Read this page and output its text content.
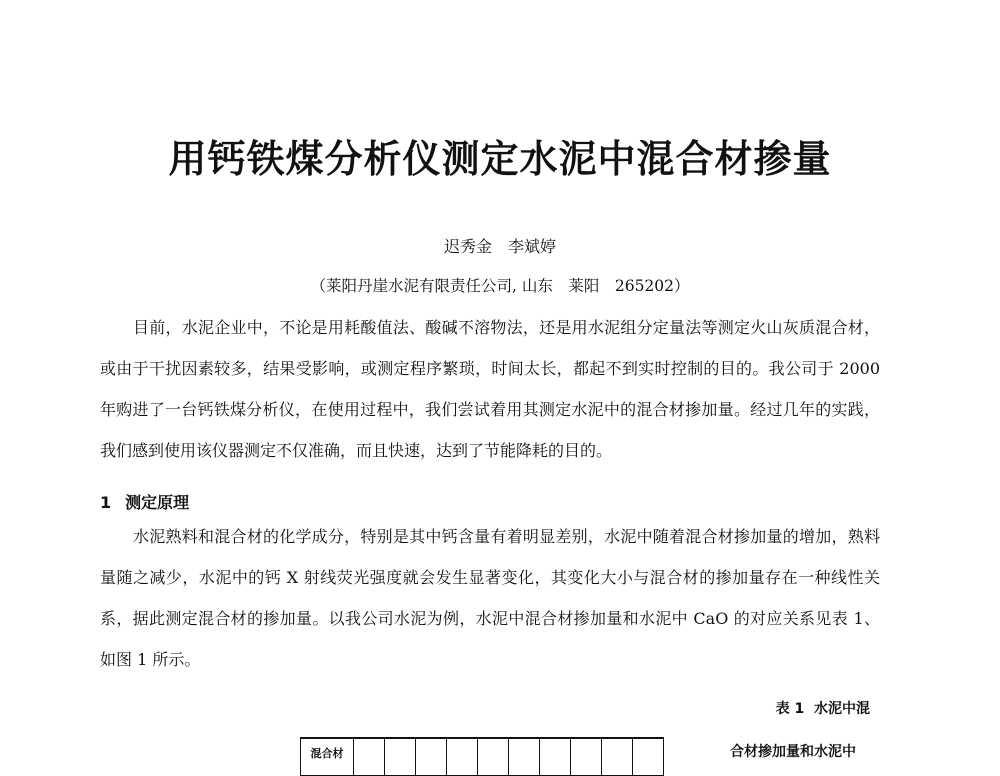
用钙铁煤分析仪测定水泥中混合材掺量
迟秀金　李斌婷
（莱阳丹崖水泥有限责任公司, 山东　莱阳　265202）

目前，水泥企业中，不论是用耗酸值法、酸碱不溶物法，还是用水泥组分定量法等测定火山灰质混合材，或由于干扰因素较多，结果受影响，或测定程序繁琐，时间太长，都起不到实时控制的目的。我公司于 2000 年购进了一台钙铁煤分析仪，在使用过程中，我们尝试着用其测定水泥中的混合材掺加量。经过几年的实践，我们感到使用该仪器测定不仅准确，而且快速，达到了节能降耗的目的。

1 测定原理

水泥熟料和混合材的化学成分，特别是其中钙含量有着明显差别，水泥中随着混合材掺加量的增加，熟料量随之减少，水泥中的钙 X 射线荧光强度就会发生显著变化，其变化大小与混合材的掺加量存在一种线性关系，据此测定混合材的掺加量。以我公司水泥为例，水泥中混合材掺加量和水泥中 CaO 的对应关系见表 1、如图 1 所示。

表 1 水泥中混
合材掺加量和水泥中
混合材										
